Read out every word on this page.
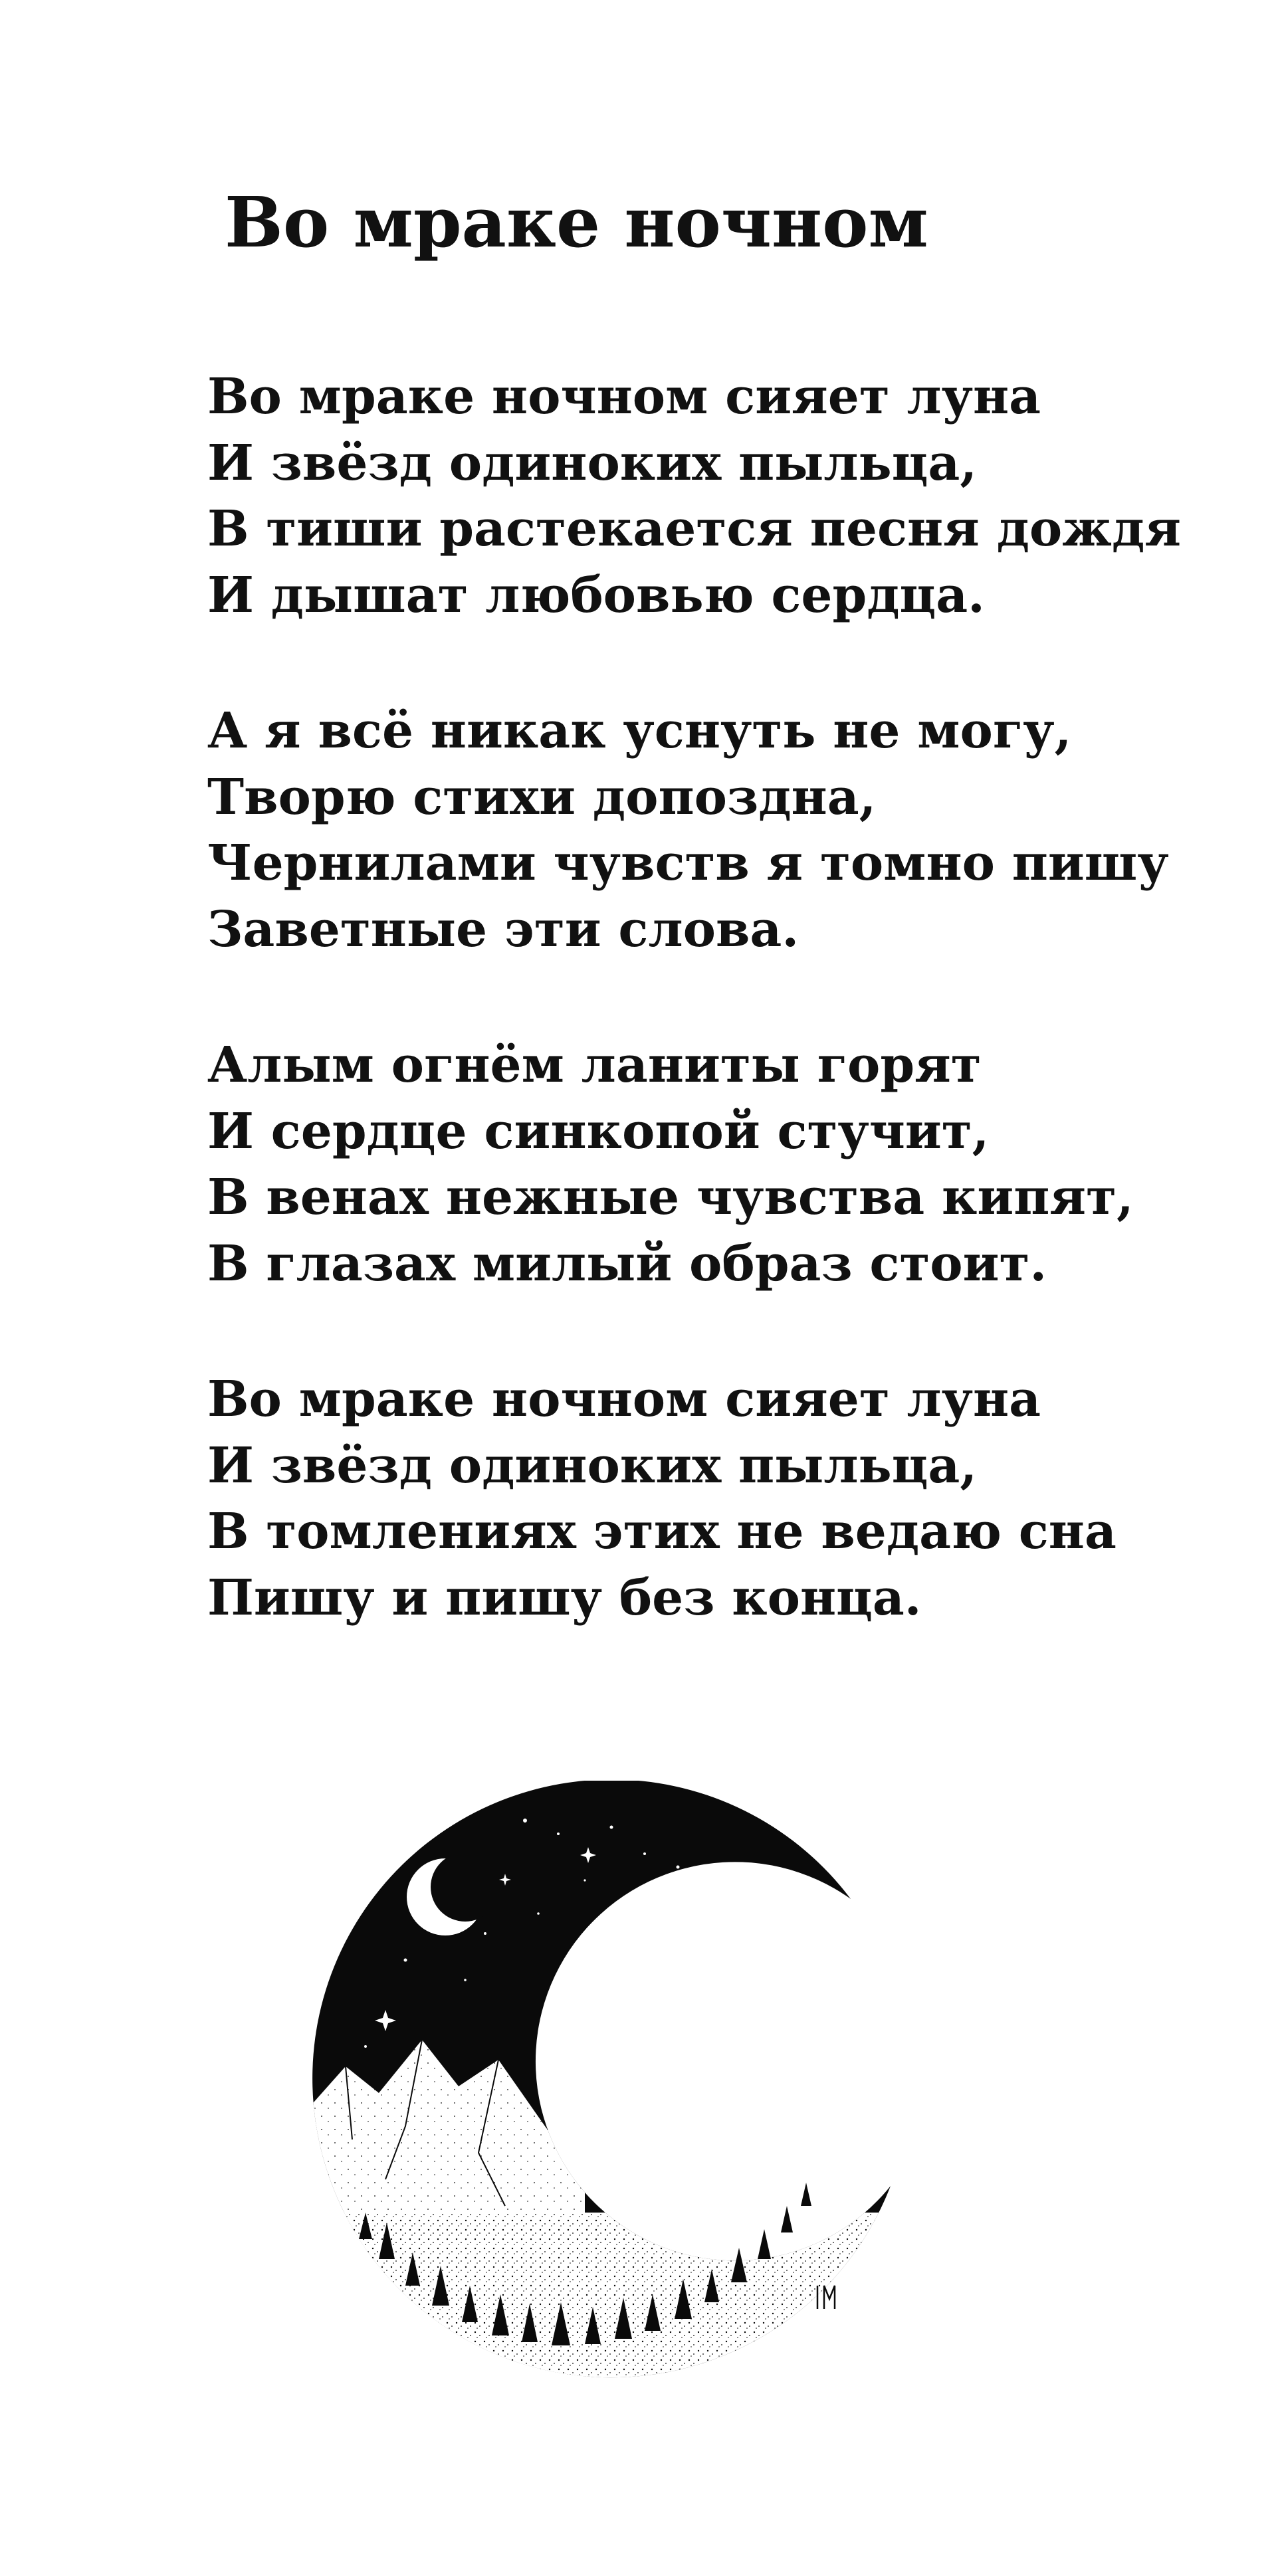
Во мраке ночном
Во мраке ночном сияет луна
И звёзд одиноких пыльца,
В тиши растекается песня дождя
И дышат любовью сердца.
А я всё никак уснуть не могу,
Творю стихи допоздна,
Чернилами чувств я томно пишу
Заветные эти слова.
Алым огнём ланиты горят
И сердце синкопой стучит,
В венах нежные чувства кипят,
В глазах милый образ стоит.
Во мраке ночном сияет луна
И звёзд одиноких пыльца,
В томлениях этих не ведаю сна
Пишу и пишу без конца.
